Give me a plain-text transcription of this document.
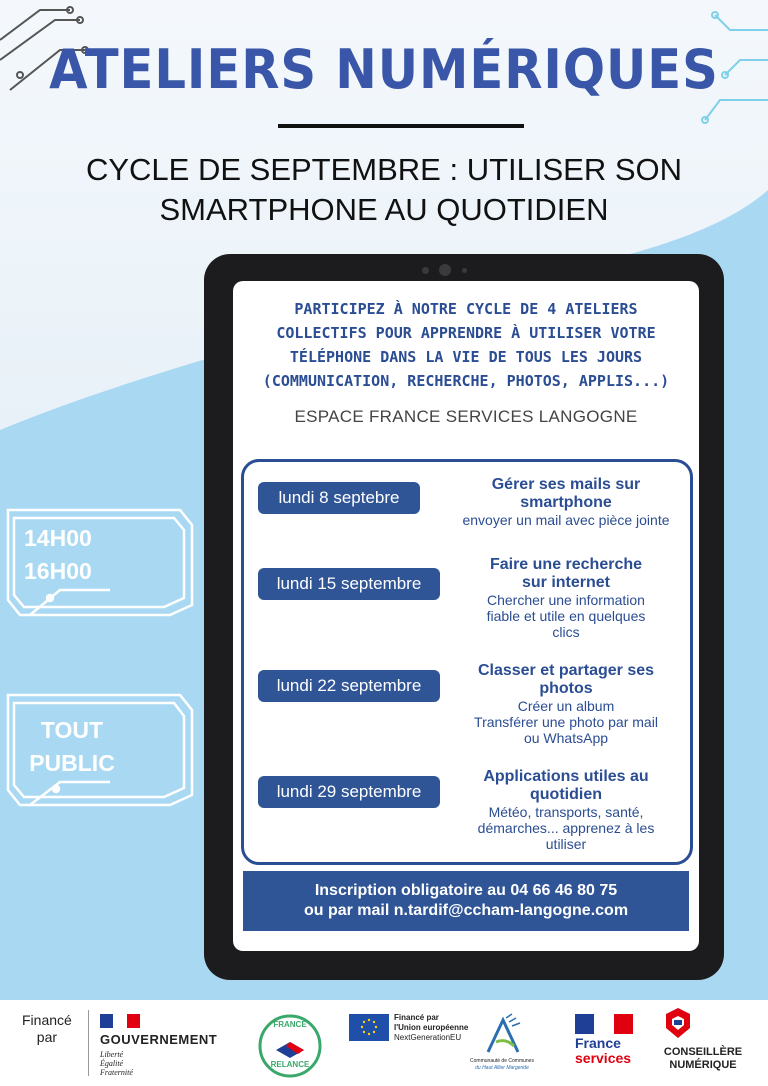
ATELIERS NUMÉRIQUES
CYCLE DE SEPTEMBRE : UTILISER SON
SMARTPHONE AU QUOTIDIEN
14H00
16H00
TOUT
PUBLIC
PARTICIPEZ À NOTRE CYCLE DE 4 ATELIERS
COLLECTIFS POUR APPRENDRE À UTILISER VOTRE
TÉLÉPHONE DANS LA VIE DE TOUS LES JOURS
(COMMUNICATION, RECHERCHE, PHOTOS, APPLIS...)
ESPACE FRANCE SERVICES LANGOGNE
lundi 8 septebre
Gérer ses mails sur
smartphone
envoyer un mail avec pièce jointe
lundi 15 septembre
Faire une recherche
sur internet
Chercher une information
fiable et utile en quelques
clics
lundi 22 septembre
Classer et partager ses
photos
Créer un album
Transférer une photo par mail
ou WhatsApp
lundi 29 septembre
Applications utiles au
quotidien
Météo, transports, santé,
démarches... apprenez à les
utiliser
Inscription obligatoire au 04 66 46 80 75
ou par mail n.tardif@ccham-langogne.com
Financé
par	GOUVERNEMENT
Liberté
Égalité
Fraternité
FRANCE
RELANCE
Financé par
l'Union européenne
NextGenerationEU
Communauté de Communes
du Haut Allier Margeride
France
services	CONSEILLÈRE
NUMÉRIQUE
